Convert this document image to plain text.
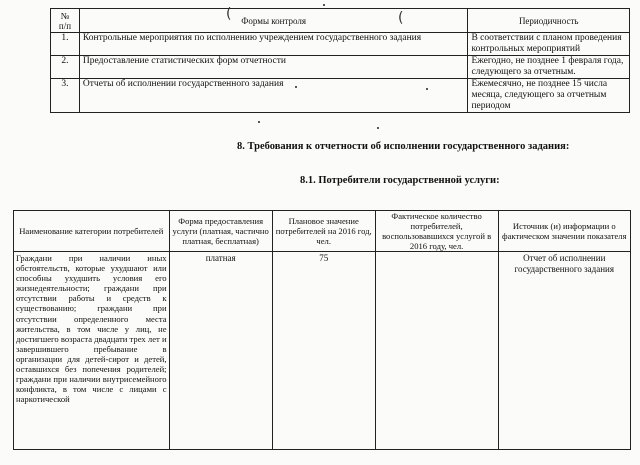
№
п/п	Формы контроля	Периодичность
1.	Контрольные мероприятия по исполнению учреждением государственного задания	В соответствии с планом проведения контрольных мероприятий
2.	Предоставление статистических форм отчетности	Ежегодно, не позднее 1 февраля года, следующего за отчетным.
3.	Отчеты об исполнении государственного задания	Ежемесячно, не позднее 15 числа месяца, следующего за отчетным периодом
(	(
8. Требования к отчетности об исполнении государственного задания:
8.1. Потребители государственной услуги:
Наименование категории потребителей	Форма предоставления услуги (платная, частично платная, бесплатная)	Плановое значение потребителей на 2016 год, чел.	Фактическое количество потребителей, воспользовавшихся услугой в 2016 году, чел.	Источник (и) информации о фактическом значении показателя
Граждани при наличии иных обстоятельств, которые ухудшают или способны ухудшить условия его жизнедеятельности; граждани при отсутствии работы и средств к существованию; граждани при отсутствии определенного места жительства, в том числе у лиц, не достигшего возраста двадцати трех лет и завершившего пребывание в организации для детей-сирот и детей, оставшихся без попечения родителей; граждани при наличии внутрисемейного конфликта, в том числе с лицами с наркотической	платная	75		Отчет об исполнении государственного задания
